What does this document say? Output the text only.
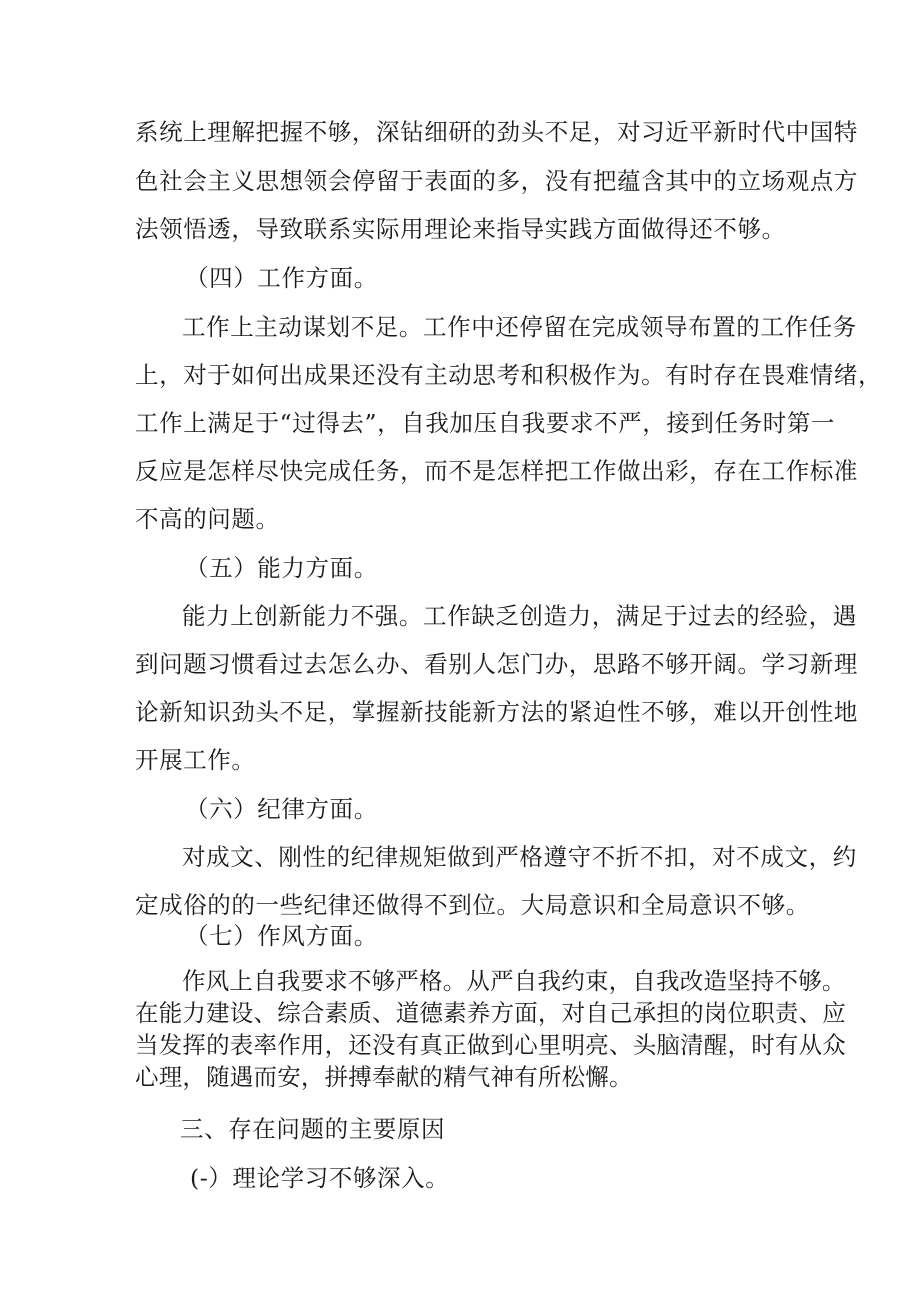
系统上理解把握不够，深钻细研的劲头不足，对习近平新时代中国特
色社会主义思想领会停留于表面的多，没有把蕴含其中的立场观点方
法领悟透，导致联系实际用理论来指导实践方面做得还不够。
（四）工作方面。
工作上主动谋划不足。工作中还停留在完成领导布置的工作任务
上，对于如何出成果还没有主动思考和积极作为。有时存在畏难情绪，
工作上满足于“过得去”，自我加压自我要求不严，接到任务时第一
反应是怎样尽快完成任务，而不是怎样把工作做出彩，存在工作标准
不高的问题。
（五）能力方面。
能力上创新能力不强。工作缺乏创造力，满足于过去的经验，遇
到问题习惯看过去怎么办、看别人怎门办，思路不够开阔。学习新理
论新知识劲头不足，掌握新技能新方法的紧迫性不够，难以开创性地
开展工作。
（六）纪律方面。
对成文、刚性的纪律规矩做到严格遵守不折不扣，对不成文，约
定成俗的的一些纪律还做得不到位。大局意识和全局意识不够。
（七）作风方面。
作风上自我要求不够严格。从严自我约束，自我改造坚持不够。
在能力建设、综合素质、道德素养方面，对自己承担的岗位职责、应
当发挥的表率作用，还没有真正做到心里明亮、头脑清醒，时有从众
心理，随遇而安，拼搏奉献的精气神有所松懈。
三、存在问题的主要原因
(-）理论学习不够深入。
